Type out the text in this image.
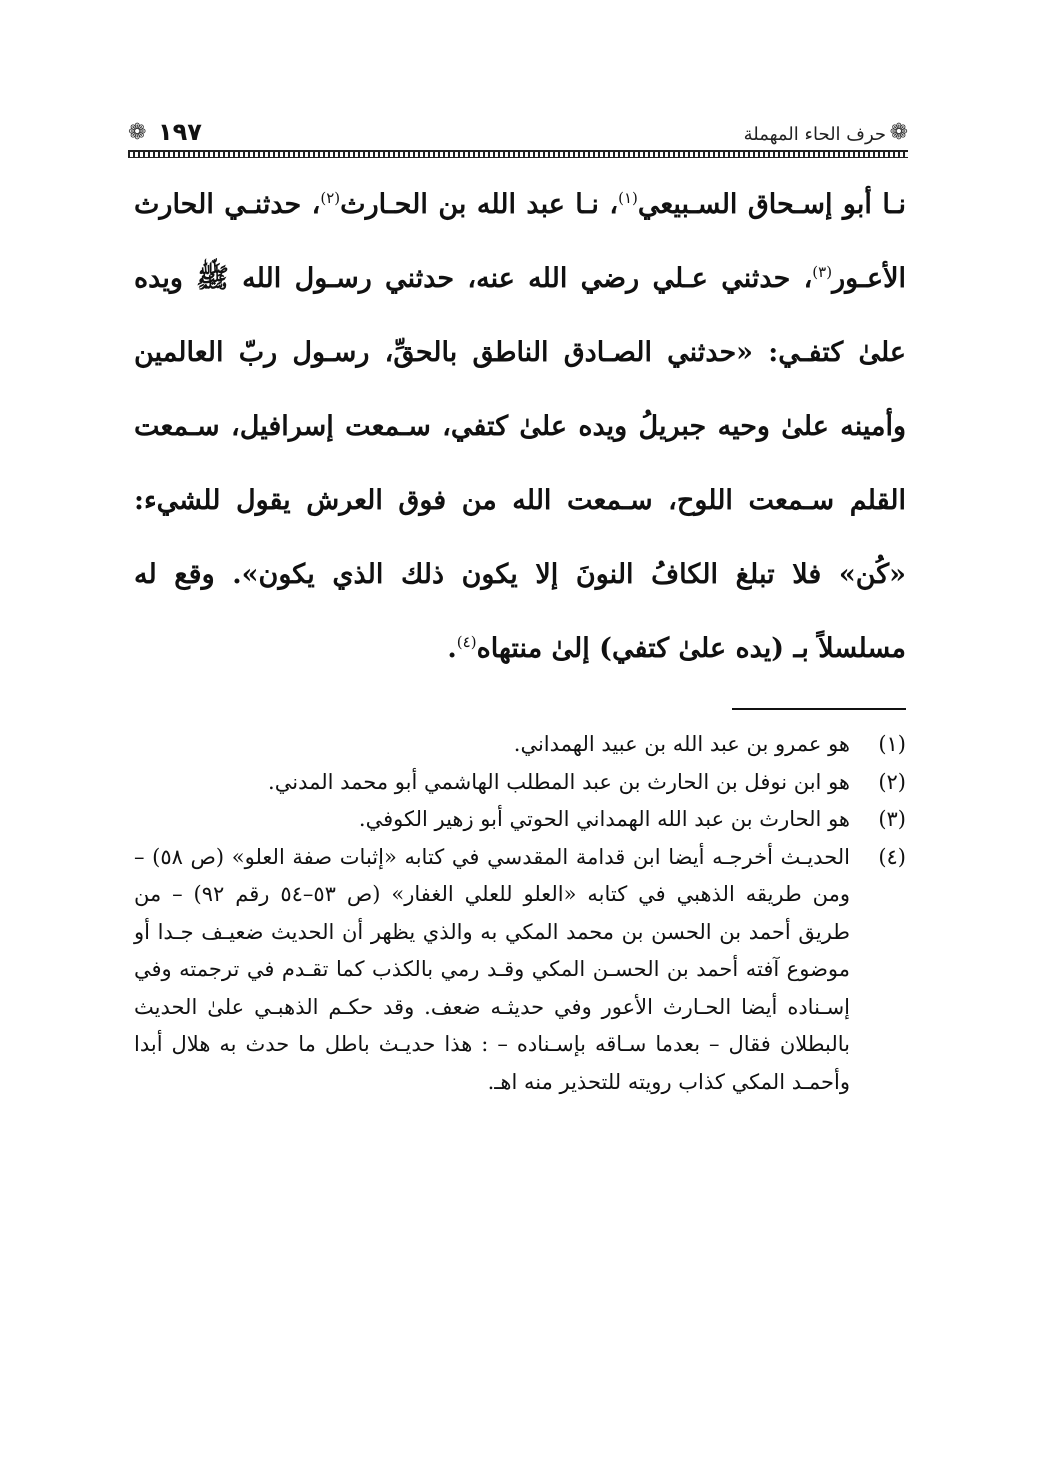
❁
حرف الحاء المهملة
١٩٧
❁

نـا أبو إسـحاق السـبيعي$^{(١)}$، نـا عبد الله بن الحـارث$^{(٢)}$، حدثنـي الحارث الأعـور$^{(٣)}$، حدثني عـلي رضي الله عنه، حدثني رسـول الله ﷺ ويده علىٰ كتفـي: «حدثني الصـادق الناطق بالحقِّ، رسـول ربّ العالمين وأمينه علىٰ وحيه جبريلُ ويده علىٰ كتفي، سـمعت إسرافيل، سـمعت القلم سـمعت اللوح، سـمعت الله من فوق العرش يقول للشيء: «كُن» فلا تبلغ الكافُ النونَ إلا يكون ذلك الذي يكون». وقع له مسلسلاً بـ (يده علىٰ كتفي) إلىٰ منتهاه$^{(٤)}$.

(١)
هو عمرو بن عبد الله بن عبيد الهمداني.
(٢)
هو ابن نوفل بن الحارث بن عبد المطلب الهاشمي أبو محمد المدني.
(٣)
هو الحارث بن عبد الله الهمداني الحوتي أبو زهير الكوفي.
(٤)
الحديـث أخرجـه أيضا ابن قدامة المقدسي في كتابه «إثبات صفة العلو» (ص ٥٨) – ومن طريقه الذهبي في كتابه «العلو للعلي الغفار» (ص ٥٣–٥٤ رقم ٩٢) – من طريق أحمد بن الحسن بن محمد المكي به والذي يظهر أن الحديث ضعيـف جـدا أو موضوع آفته أحمد بن الحسـن المكي وقـد رمي بالكذب كما تقـدم في ترجمته وفي إسـناده أيضا الحـارث الأعور وفي حديثـه ضعف. وقد حكـم الذهبـي علىٰ الحديث بالبطلان فقال – بعدما سـاقه بإسـناده – : هذا حديـث باطل ما حدث به هلال أبدا وأحمـد المكي كذاب رويته للتحذير منه اهـ.
